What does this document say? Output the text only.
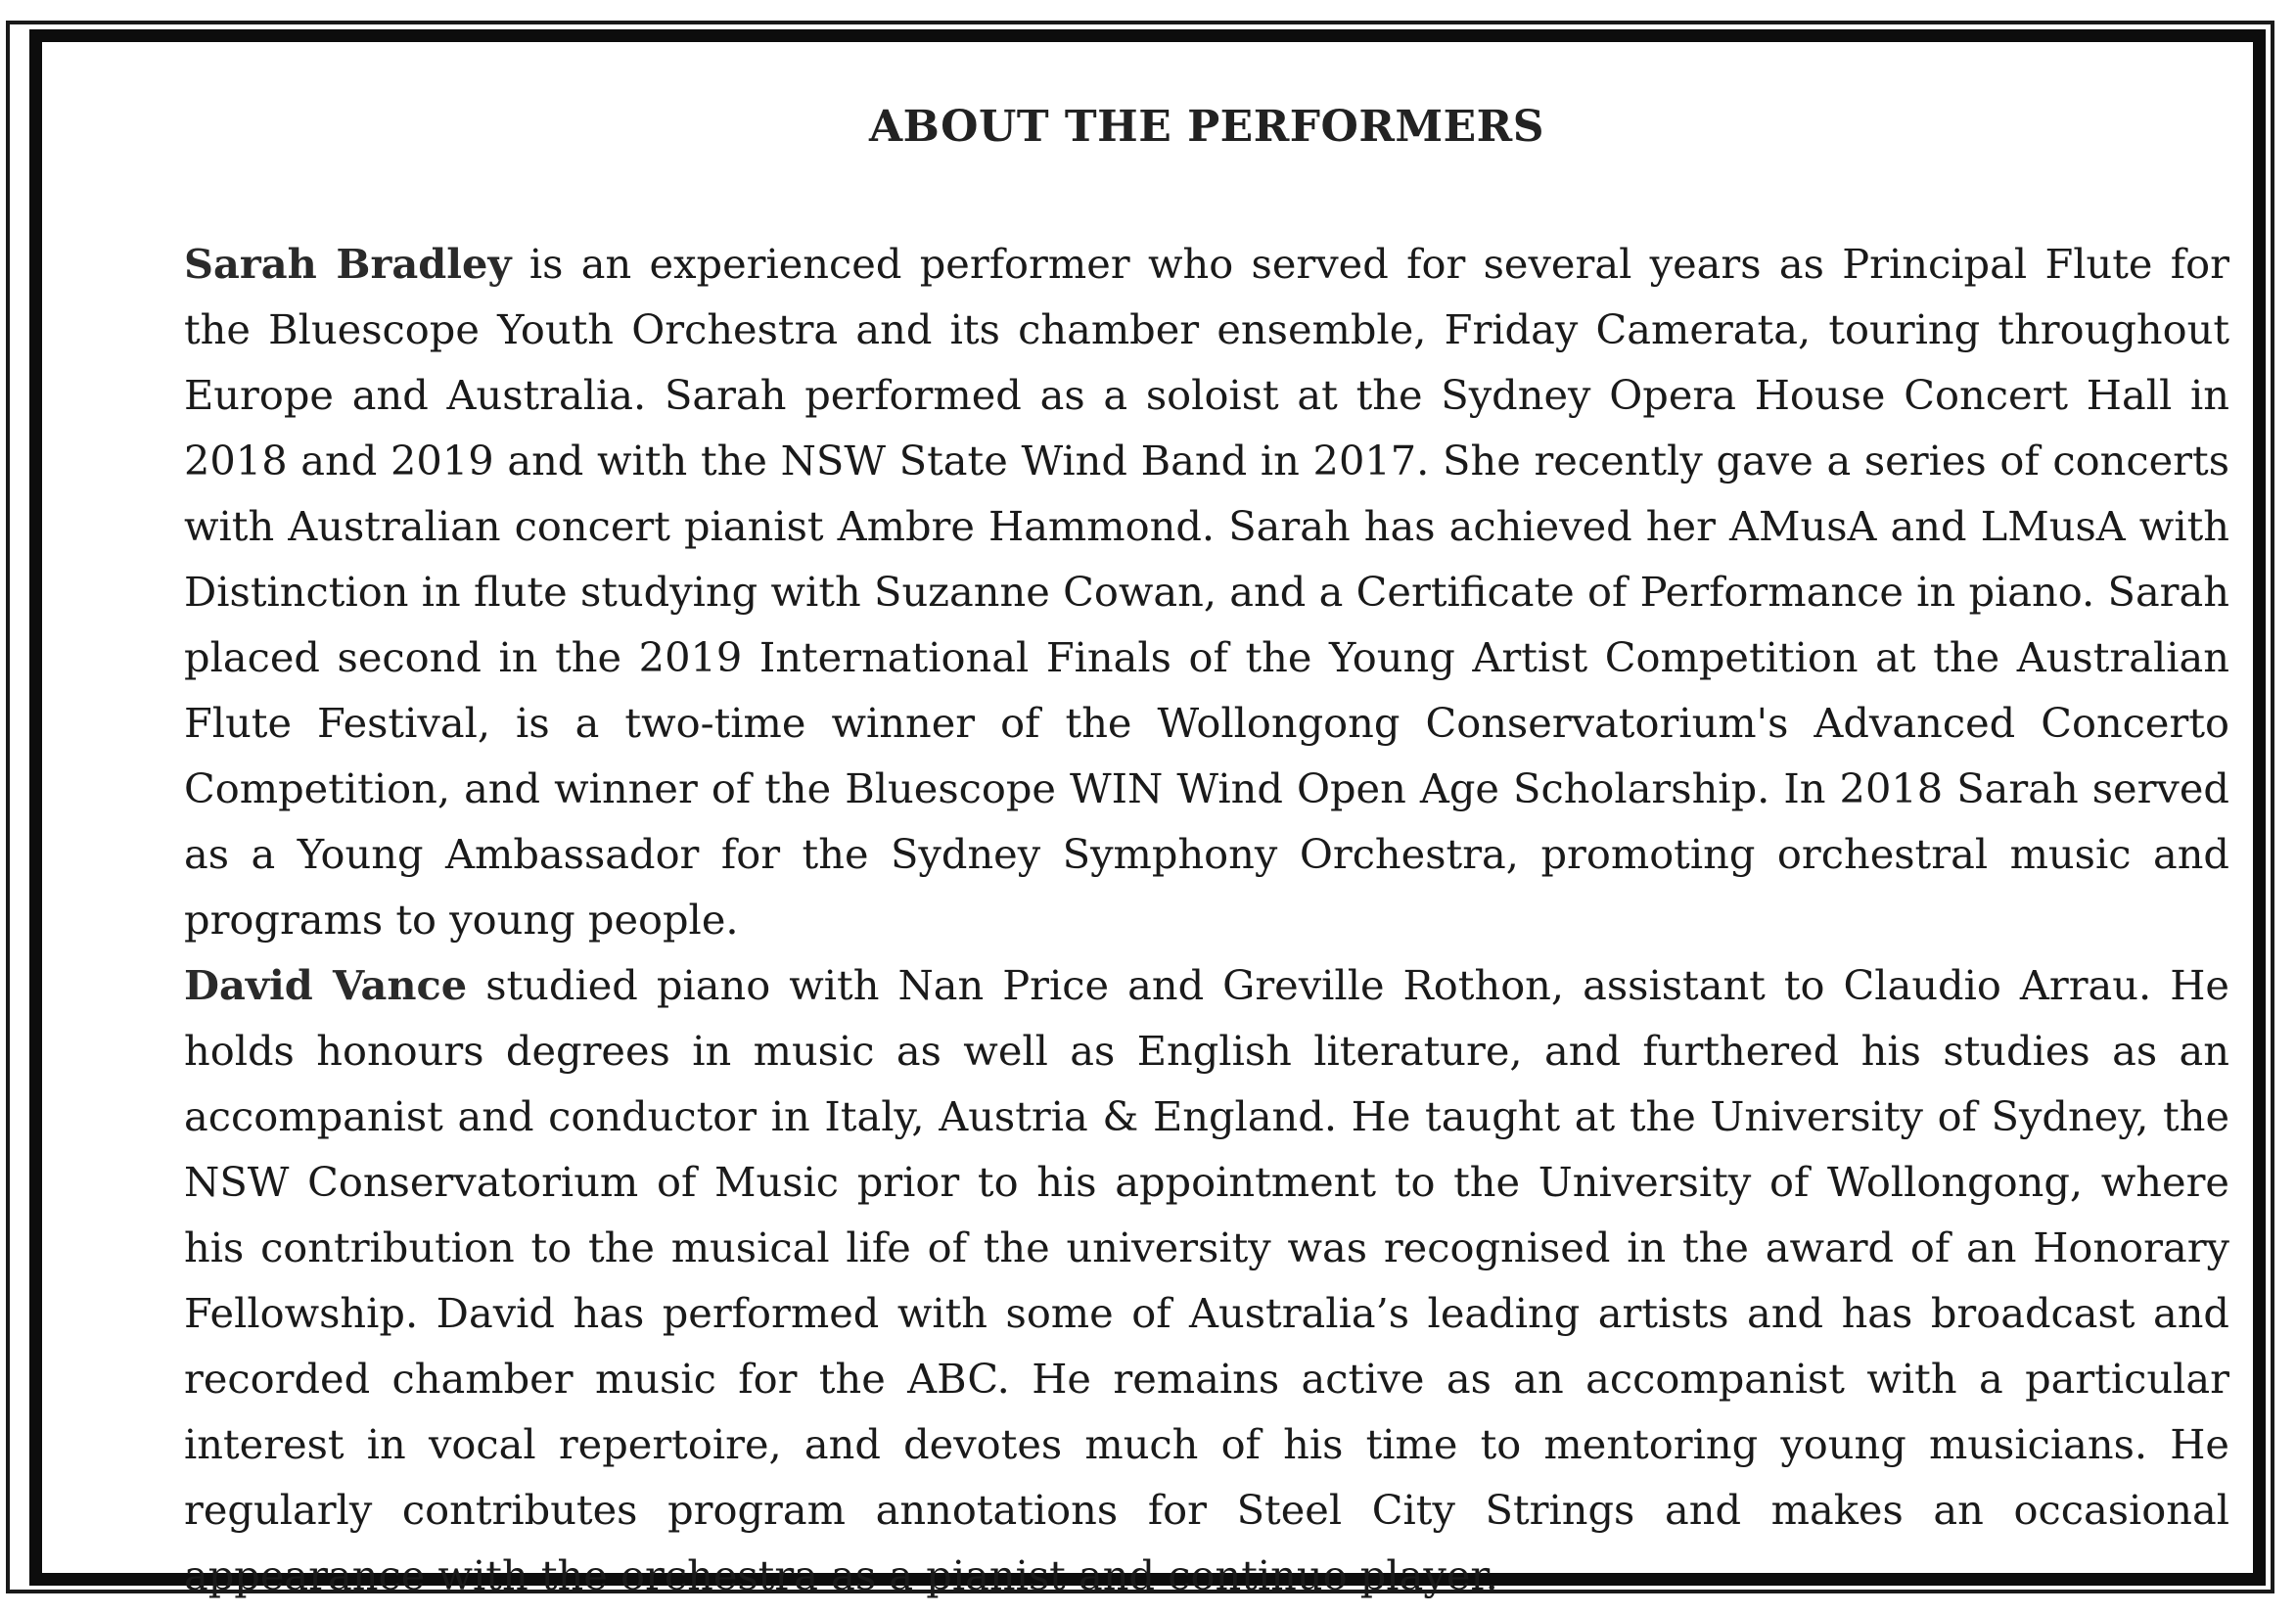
ABOUT THE PERFORMERS

Sarah Bradley is an experienced performer who served for several years as Principal Flute for the Bluescope Youth Orchestra and its chamber ensemble, Friday Camerata, touring throughout Europe and Australia. Sarah performed as a soloist at the Sydney Opera House Concert Hall in 2018 and 2019 and with the NSW State Wind Band in 2017. She recently gave a series of concerts with Australian concert pianist Ambre Hammond. Sarah has achieved her AMusA and LMusA with Distinction in flute studying with Suzanne Cowan, and a Certificate of Performance in piano. Sarah placed second in the 2019 International Finals of the Young Artist Competition at the Australian Flute Festival, is a two-time winner of the Wollongong Conservatorium's Advanced Concerto Competition, and winner of the Bluescope WIN Wind Open Age Scholarship. In 2018 Sarah served as a Young Ambassador for the Sydney Symphony Orchestra, promoting orchestral music and programs to young people.

David Vance studied piano with Nan Price and Greville Rothon, assistant to Claudio Arrau. He holds honours degrees in music as well as English literature, and furthered his studies as an accompanist and conductor in Italy, Austria & England. He taught at the University of Sydney, the NSW Conservatorium of Music prior to his appointment to the University of Wollongong, where his contribution to the musical life of the university was recognised in the award of an Honorary Fellowship. David has performed with some of Australia’s leading artists and has broadcast and recorded chamber music for the ABC. He remains active as an accompanist with a particular interest in vocal repertoire, and devotes much of his time to mentoring young musicians. He regularly contributes program annotations for Steel City Strings and makes an occasional appearance with the orchestra as a pianist and continuo player.
